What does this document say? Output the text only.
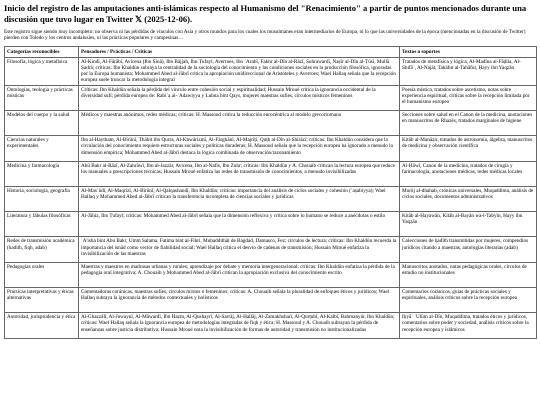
Inicio del registro de las amputaciones anti-islámicas respecto al Humanismo del "Renacimiento" a partir de puntos mencionados durante una discusión que tuvo lugar en Twitter 𝕏 (2025-12-06).

Este registro sigue siendo muy incompleto: no observa ni las pérdidas de vínculos con Asia y otros mundos para los cuales los musulmanes eran intermediarios de Europa, ni lo que las universidades de la época (mencionadas en la discusión de Twitter) pierden con Toledo y los centros andalusíes, ni las prácticas populares y campesinas…

Categorías reconocibles	Pensadores / Prácticas / Críticas	Textos o soportes
Filosofía, lógica y metafísica	Al-Kindī, Al-Fārābī, Avicena (Ibn Sīnā), Ibn Bājjah, Ibn Ṭufayl, Averroes, Ibn ʿArabī, Fakhr al-Dīn al-Rāzī, Suhrawardī, Naṣīr al-Dīn al-Ṭūsī, Mullā Ṣadrā; críticas: Ibn Khaldūn subraya la centralidad de la sociología del conocimiento y las condiciones sociales en la producción filosófica, ignoradas por la Europa humanista; Mohammed Abed al-Jābrī critica la apropiación unidireccional de Aristóteles y Averroes; Wael Hallaq señala que la recepción europea suele truncar la metodología integral	Tratados de metafísica y lógica, Al-Madīna al-Fāḍila, Al-Shifāʾ, Al-Najāt, Tahāfut al-Tahāfut, Ḥayy ibn Yaqẓān
Ontologías, teología y prácticas místicas	Críticas: Ibn Khaldūn señala la pérdida del vínculo entre cohesión social y espiritualidad; Hussain Mroué critica la ignorancia occidental de la diversidad sufí; pérdida europea de: Rabiʿa al-ʿAdawiyya y Lubna bint Qays, mujeres maestras sufíes, círculos místicos femeninos	Poesía mística, tratados sobre ascetismo, notas sobre experiencia espiritual, críticas sobre la recepción limitada por el humanismo europeo
Modelos del cuerpo y la salud	Médicos y maestras anónimos, redes médicas; críticas: H. Massoud critica la reducción eurocéntrica al modelo grecorromano	Secciones sobre salud en el Canon de la medicina, anotaciones en manuscritos de Rhazès, tratados marginales de higiene
Ciencias naturales y experimentales	Ibn al-Haytham, Al-Bīrūnī, Thābit ibn Qurra, Al-Khwārizmī, Al-Fārghānī, Al-Majrīṭī, Quṭb al-Dīn al-Shīrāzī; críticas: Ibn Khaldūn considera que la circulación del conocimiento requiere estructuras sociales y políticas duraderas; H. Massoud señala que la recepción europea ha ignorado a menudo la dimensión empírica; Mohammed Abed al-Jābrī destaca la lógica combinada de observación/razonamiento	Kitāb al-Manāẓir, tratados de astronomía, álgebra, manuscritos de medicina y observación científica
Medicina y farmacología	Abū Bakr al-Rāzī, Al-Zahrāwī, Ibn al-Jazzār, Avicena, Ibn al-Nafīs, Ibn Zuhr; críticas: Ibn Khaldūn y A. Chouaib critican la lectura europea que reduce los manuales a prescripciones técnicas; Hussain Mroué enfatiza las redes de transmisión de conocimientos, a menudo invisibilizadas	Al-Ḥāwī, Canon de la medicina, tratados de cirugía y farmacología, anotaciones médicas, redes médicas locales
Historia, sociología, geografía	Al-Masʿūdī, Al-Maqrīzī, Al-Bīrūnī, Al-Qalqashandī, Ibn Khaldūn; críticas: importancia del análisis de ciclos sociales y cohesión (ʿaṣabiyya); Wael Hallaq y Mohammed Abed al-Jābrī critican la transferencia incompleta de ciencias sociales y jurídicas	Murūj al-dhahab, crónicas universales, Muqaddima, análisis de ciclos sociales, documentos administrativos
Literatura y fábulas filosóficas	Al-Jāḥiẓ, Ibn Ṭufayl; críticas: Mohammed Abed al-Jābrī señala que la dimensión reflexiva y crítica sobre lo humano se reduce a anécdotas o estilo	Kitāb al-Ḥayawān, Kitāb al-Bayān wa-l-Tabyīn, Ḥayy ibn Yaqẓān
Redes de transmisión académica (hadith, fiqh, adab)	ʿA'isha bint Abu Bakr, Umm Salama, Fatima bint al-Fihri, Muḥaddithāt de Bagdad, Damasco, Fez; círculos de lectura; críticas: Ibn Khaldūn recuerda la importancia del isnād como vector de fiabilidad social; Wael Hallaq critica el desvío de cadenas de transmisión; Hussain Mroué enfatiza la invisibilización de las maestras	Colecciones de ḥadīth transmitidas por mujeres, compendios jurídicos citando a maestras, antologías literarias (adab)
Pedagogías orales	Maestras y maestros en madrasas urbanas y rurales; aprendizaje por debate y memoria intergeneracional; críticas: Ibn Khaldūn enfatiza la pérdida de la pedagogía oral integrativa; A. Chouaib y Mohammed Abed al-Jābrī critican la apropiación exclusiva del conocimiento escrito	Manuscritos anotados, notas pedagógicas orales, círculos de estudio no institucionales
Prácticas interpretativas y éticas alternativas	Comentadoras coránicas, maestras sufíes, círculos mixtos o femeninos; críticas: A. Chouaib señala la pluralidad de enfoques éticos y jurídicos; Wael Hallaq subraya la ignorancia de métodos contextuales y holísticos	Comentarios coránicos, guías de prácticas sociales y espirituales, análisis críticos sobre la recepción europea
Autoridad, jurisprudencia y ética	Al-Ghazzālī, Al-Juwaynī, Al-Māwardī, Ibn Ḥazm, Al-Qushayrī, Al-Sarrāj, Al-Ḥallāj, Al-Zamakhsharī, Al-Qurṭubī, Al-Kalbī, Bahmanyār, Ibn Khaldūn; críticas: Wael Hallaq señala la ignorancia europea de metodologías integradas de fiqh y ética; H. Massoud y A. Chouaib subrayan la pérdida de enseñanzas sobre justicia distributiva; Hussain Mroué nota la invisibilización de formas de autoridad y transmisión no institucionalizadas	Iḥyāʾ ʿUlūm al-Dīn, Muqaddima, tratados éticos y jurídicos, comentarios sobre poder y sociedad, análisis críticos sobre la recepción europea y islámicos
